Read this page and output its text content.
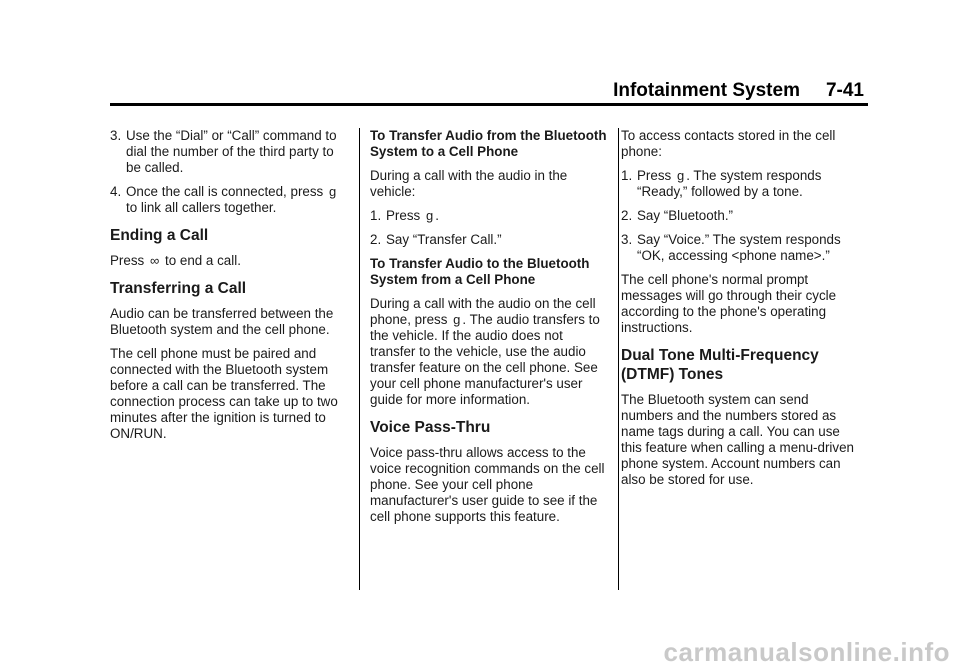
Infotainment System 7-41
3. Use the “Dial” or “Call” command to dial the number of the third party to be called.
4. Once the call is connected, press ɡ to link all callers together.
Ending a Call

Press ∞ to end a call.

Transferring a Call

Audio can be transferred between the Bluetooth system and the cell phone.

The cell phone must be paired and connected with the Bluetooth system before a call can be transferred. The connection process can take up to two minutes after the ignition is turned to ON/RUN.

To Transfer Audio from the Bluetooth System to a Cell Phone

During a call with the audio in the vehicle:

1. Press ɡ .
2. Say “Transfer Call.”
To Transfer Audio to the Bluetooth System from a Cell Phone

During a call with the audio on the cell phone, press ɡ . The audio transfers to the vehicle. If the audio does not transfer to the vehicle, use the audio transfer feature on the cell phone. See your cell phone manufacturer's user guide for more information.

Voice Pass-Thru

Voice pass-thru allows access to the voice recognition commands on the cell phone. See your cell phone manufacturer's user guide to see if the cell phone supports this feature.

To access contacts stored in the cell phone:

1. Press ɡ . The system responds “Ready,” followed by a tone.
2. Say “Bluetooth.”
3. Say “Voice.” The system responds “OK, accessing <phone name>.”

The cell phone's normal prompt messages will go through their cycle according to the phone's operating instructions.

Dual Tone Multi-Frequency (DTMF) Tones

The Bluetooth system can send numbers and the numbers stored as name tags during a call. You can use this feature when calling a menu-driven phone system. Account numbers can also be stored for use.

carmanualsonline.info
